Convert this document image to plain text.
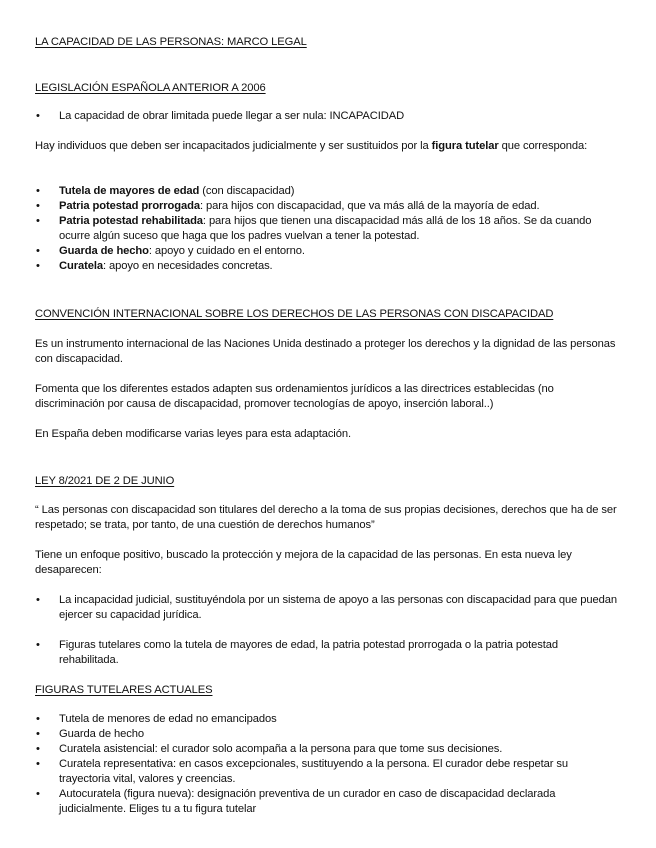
LA CAPACIDAD DE LAS PERSONAS: MARCO LEGAL
LEGISLACIÓN ESPAÑOLA ANTERIOR A 2006
• La capacidad de obrar limitada puede llegar a ser nula: INCAPACIDAD

Hay individuos que deben ser incapacitados judicialmente y ser sustituidos por la figura tutelar que corresponda:

• Tutela de mayores de edad (con discapacidad)
• Patria potestad prorrogada: para hijos con discapacidad, que va más allá de la mayoría de edad.
• Patria potestad rehabilitada: para hijos que tienen una discapacidad más allá de los 18 años. Se da cuando ocurre algún suceso que haga que los padres vuelvan a tener la potestad.
• Guarda de hecho: apoyo y cuidado en el entorno.
• Curatela: apoyo en necesidades concretas.
CONVENCIÓN INTERNACIONAL SOBRE LOS DERECHOS DE LAS PERSONAS CON DISCAPACIDAD

Es un instrumento internacional de las Naciones Unida destinado a proteger los derechos y la dignidad de las personas con discapacidad.

Fomenta que los diferentes estados adapten sus ordenamientos jurídicos a las directrices establecidas (no discriminación por causa de discapacidad, promover tecnologías de apoyo, inserción laboral..)

En España deben modificarse varias leyes para esta adaptación.

LEY 8/2021 DE 2 DE JUNIO

“ Las personas con discapacidad son titulares del derecho a la toma de sus propias decisiones, derechos que ha de ser respetado; se trata, por tanto, de una cuestión de derechos humanos”

Tiene un enfoque positivo, buscado la protección y mejora de la capacidad de las personas. En esta nueva ley desaparecen:

• La incapacidad judicial, sustituyéndola por un sistema de apoyo a las personas con discapacidad para que puedan ejercer su capacidad jurídica.
• Figuras tutelares como la tutela de mayores de edad, la patria potestad prorrogada o la patria potestad rehabilitada.
FIGURAS TUTELARES ACTUALES
• Tutela de menores de edad no emancipados
• Guarda de hecho
• Curatela asistencial: el curador solo acompaña a la persona para que tome sus decisiones.
• Curatela representativa: en casos excepcionales, sustituyendo a la persona. El curador debe respetar su trayectoria vital, valores y creencias.
• Autocuratela (figura nueva): designación preventiva de un curador en caso de discapacidad declarada judicialmente. Eliges tu a tu figura tutelar
